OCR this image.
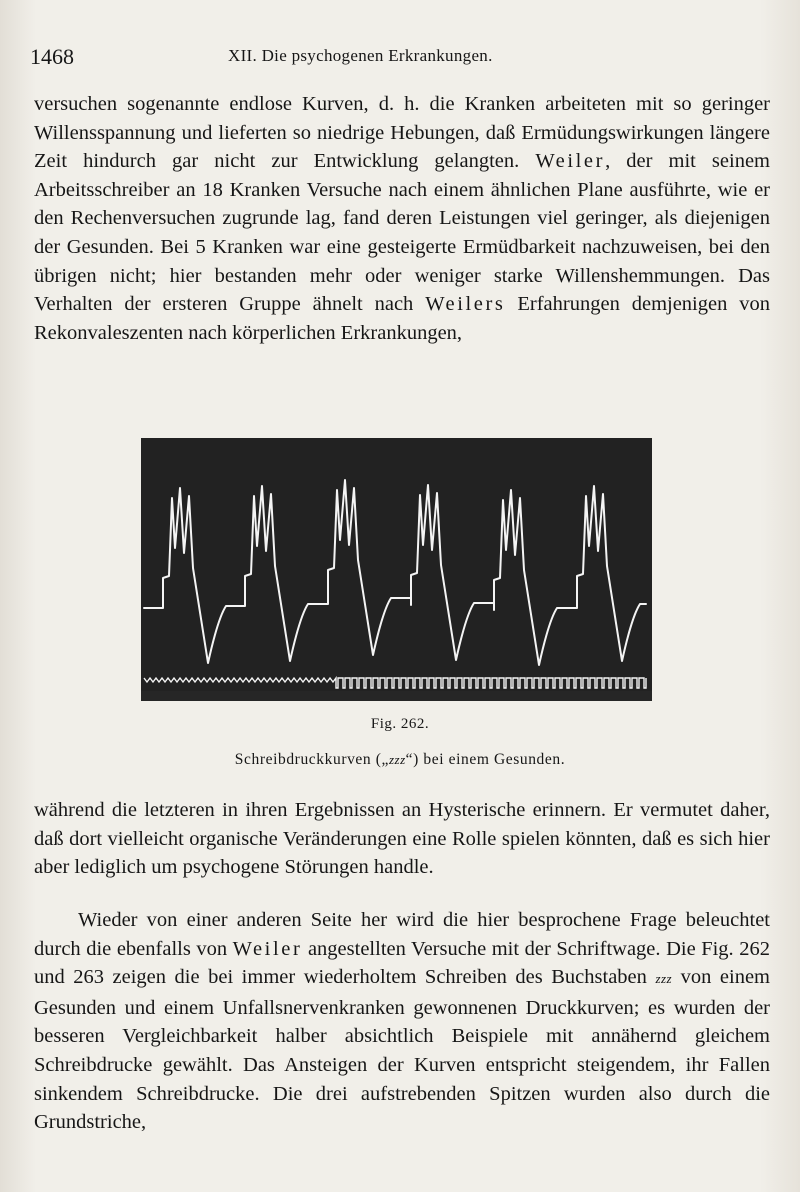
1468	XII. Die psychogenen Erkrankungen.

versuchen sogenannte endlose Kurven, d. h. die Kranken arbeiteten mit so geringer Willensspannung und lieferten so niedrige Hebungen, daß Ermüdungswirkungen längere Zeit hindurch gar nicht zur Entwicklung gelangten. Weiler, der mit seinem Arbeitsschreiber an 18 Kranken Versuche nach einem ähnlichen Plane ausführte, wie er den Rechenversuchen zugrunde lag, fand deren Leistungen viel geringer, als diejenigen der Gesunden. Bei 5 Kranken war eine gesteigerte Ermüdbarkeit nachzuweisen, bei den übrigen nicht; hier bestanden mehr oder weniger starke Willenshemmungen. Das Verhalten der ersteren Gruppe ähnelt nach Weilers Erfahrungen demjenigen von Rekonvaleszenten nach körperlichen Erkrankungen,

Fig. 262.
Schreibdruckkurven („zzz“) bei einem Gesunden.

während die letzteren in ihren Ergebnissen an Hysterische erinnern. Er vermutet daher, daß dort vielleicht organische Veränderungen eine Rolle spielen könnten, daß es sich hier aber lediglich um psychogene Störungen handle.

Wieder von einer anderen Seite her wird die hier besprochene Frage beleuchtet durch die ebenfalls von Weiler angestellten Versuche mit der Schriftwage. Die Fig. 262 und 263 zeigen die bei immer wiederholtem Schreiben des Buchstaben zzz von einem Gesunden und einem Unfallsnervenkranken gewonnenen Druckkurven; es wurden der besseren Vergleichbarkeit halber absichtlich Beispiele mit annähernd gleichem Schreibdrucke gewählt. Das Ansteigen der Kurven entspricht steigendem, ihr Fallen sinkendem Schreibdrucke. Die drei aufstrebenden Spitzen wurden also durch die Grundstriche,
